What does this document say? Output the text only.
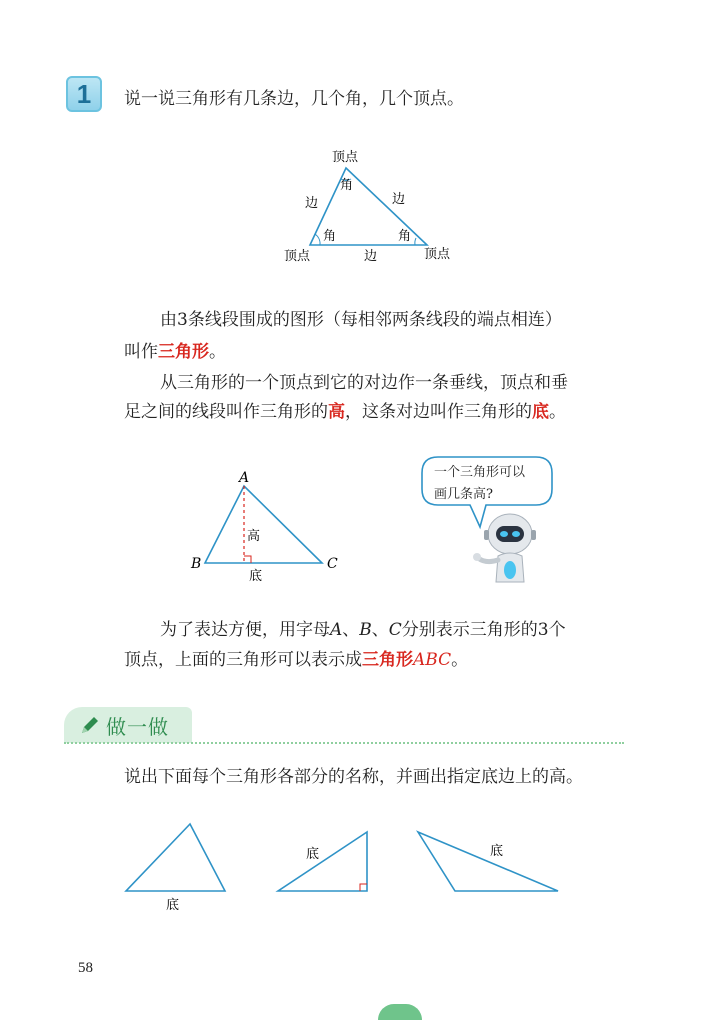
1	说一说三角形有几条边，几个角，几个顶点。
顶点
角
边	边
角	角
顶点	边	顶点
由3条线段围成的图形（每相邻两条线段的端点相连）
叫作三角形。
从三角形的一个顶点到它的对边作一条垂线，顶点和垂
足之间的线段叫作三角形的高，这条对边叫作三角形的底。
A
B	C
高
底
一个三角形可以
画几条高?
为了表达方便，用字母A、B、C分别表示三角形的3个
顶点，上面的三角形可以表示成三角形ABC。
做一做
说出下面每个三角形各部分的名称，并画出指定底边上的高。
底
底	底
58
